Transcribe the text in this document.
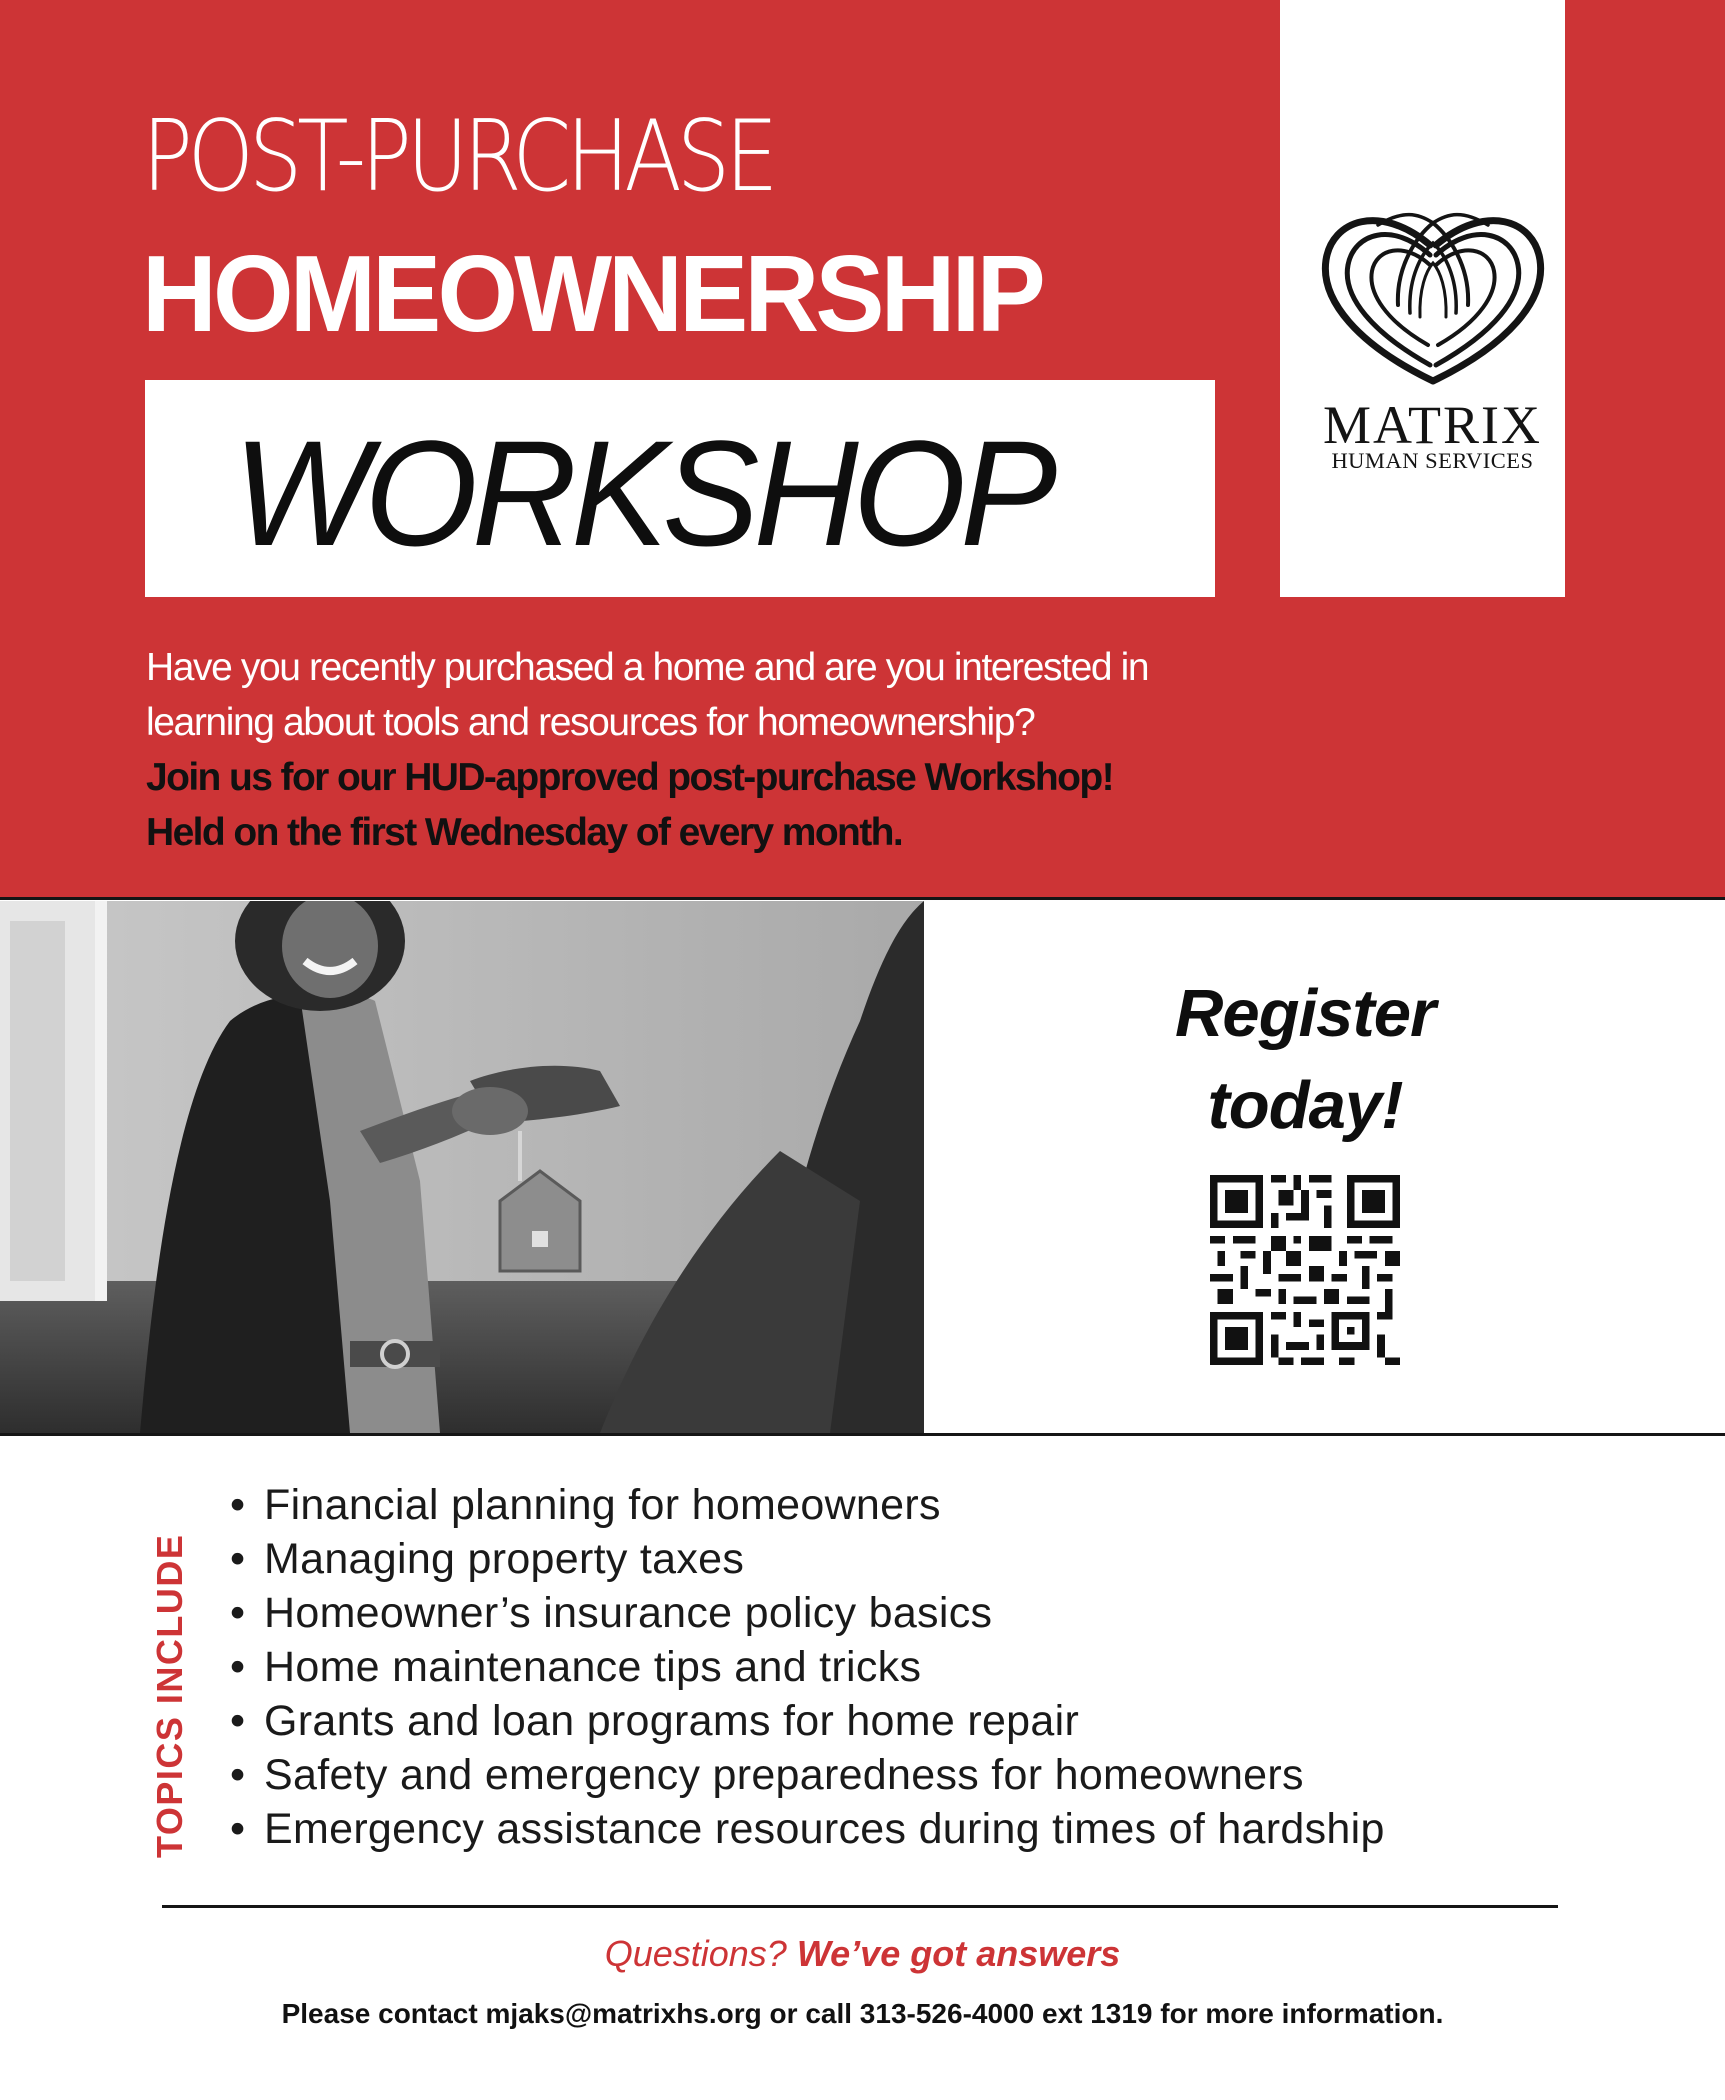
POST-PURCHASE
HOMEOWNERSHIP
WORKSHOP	MATRIX
HUMAN SERVICES
Have you recently purchased a home and are you interested in
learning about tools and resources for homeownership?
Join us for our HUD-approved post-purchase Workshop!
Held on the first Wednesday of every month.
Register
today!
TOPICS INCLUDE
• Financial planning for homeowners
• Managing property taxes
• Homeowner’s insurance policy basics
• Home maintenance tips and tricks
• Grants and loan programs for home repair
• Safety and emergency preparedness for homeowners
• Emergency assistance resources during times of hardship
Questions? We’ve got answers
Please contact mjaks@matrixhs.org or call 313-526-4000 ext 1319 for more information.
